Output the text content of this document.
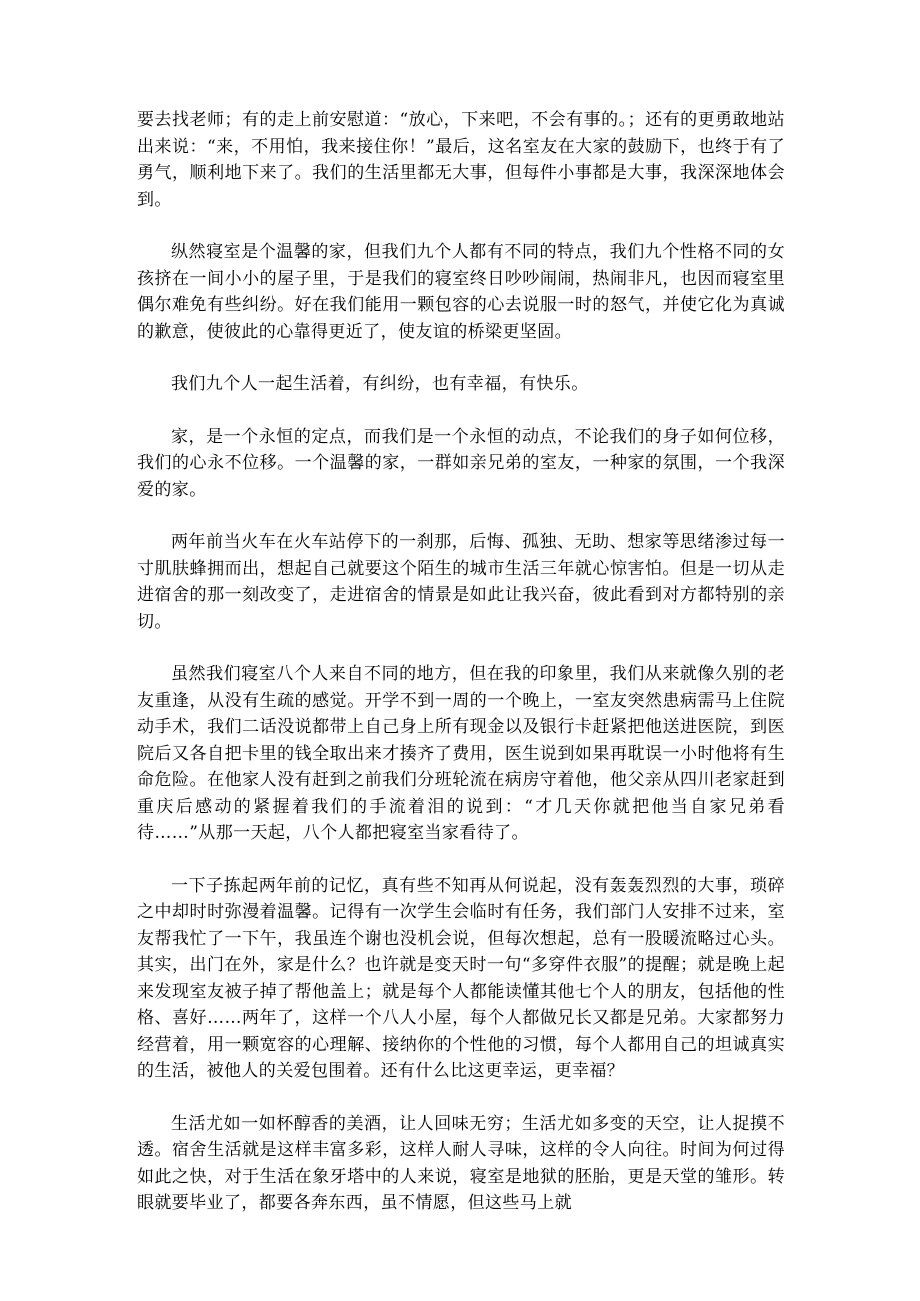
要去找老师；有的走上前安慰道：“放心，下来吧，不会有事的。；还有的更勇敢地站出来说：“来，不用怕，我来接住你！”最后，这名室友在大家的鼓励下，也终于有了勇气，顺利地下来了。我们的生活里都无大事，但每件小事都是大事，我深深地体会到。

纵然寝室是个温馨的家，但我们九个人都有不同的特点，我们九个性格不同的女孩挤在一间小小的屋子里，于是我们的寝室终日吵吵闹闹，热闹非凡，也因而寝室里偶尔难免有些纠纷。好在我们能用一颗包容的心去说服一时的怒气，并使它化为真诚的歉意，使彼此的心靠得更近了，使友谊的桥梁更坚固。

我们九个人一起生活着，有纠纷，也有幸福，有快乐。

家，是一个永恒的定点，而我们是一个永恒的动点，不论我们的身子如何位移，我们的心永不位移。一个温馨的家，一群如亲兄弟的室友，一种家的氛围，一个我深爱的家。

两年前当火车在火车站停下的一刹那，后悔、孤独、无助、想家等思绪渗过每一寸肌肤蜂拥而出，想起自己就要这个陌生的城市生活三年就心惊害怕。但是一切从走进宿舍的那一刻改变了，走进宿舍的情景是如此让我兴奋，彼此看到对方都特别的亲切。

虽然我们寝室八个人来自不同的地方，但在我的印象里，我们从来就像久别的老友重逢，从没有生疏的感觉。开学不到一周的一个晚上，一室友突然患病需马上住院动手术，我们二话没说都带上自己身上所有现金以及银行卡赶紧把他送进医院，到医院后又各自把卡里的钱全取出来才揍齐了费用，医生说到如果再耽误一小时他将有生命危险。在他家人没有赶到之前我们分班轮流在病房守着他，他父亲从四川老家赶到重庆后感动的紧握着我们的手流着泪的说到：“才几天你就把他当自家兄弟看待……”从那一天起，八个人都把寝室当家看待了。

一下子拣起两年前的记忆，真有些不知再从何说起，没有轰轰烈烈的大事，琐碎之中却时时弥漫着温馨。记得有一次学生会临时有任务，我们部门人安排不过来，室友帮我忙了一下午，我虽连个谢也没机会说，但每次想起，总有一股暖流略过心头。其实，出门在外，家是什么？也许就是变天时一句“多穿件衣服”的提醒；就是晚上起来发现室友被子掉了帮他盖上；就是每个人都能读懂其他七个人的朋友，包括他的性格、喜好……两年了，这样一个八人小屋，每个人都做兄长又都是兄弟。大家都努力经营着，用一颗宽容的心理解、接纳你的个性他的习惯，每个人都用自己的坦诚真实的生活，被他人的关爱包围着。还有什么比这更幸运，更幸福？

生活尤如一如杯醇香的美酒，让人回味无穷；生活尤如多变的天空，让人捉摸不透。宿舍生活就是这样丰富多彩，这样人耐人寻味，这样的令人向往。时间为何过得如此之快，对于生活在象牙塔中的人来说，寝室是地狱的胚胎，更是天堂的雏形。转眼就要毕业了，都要各奔东西，虽不情愿，但这些马上就
